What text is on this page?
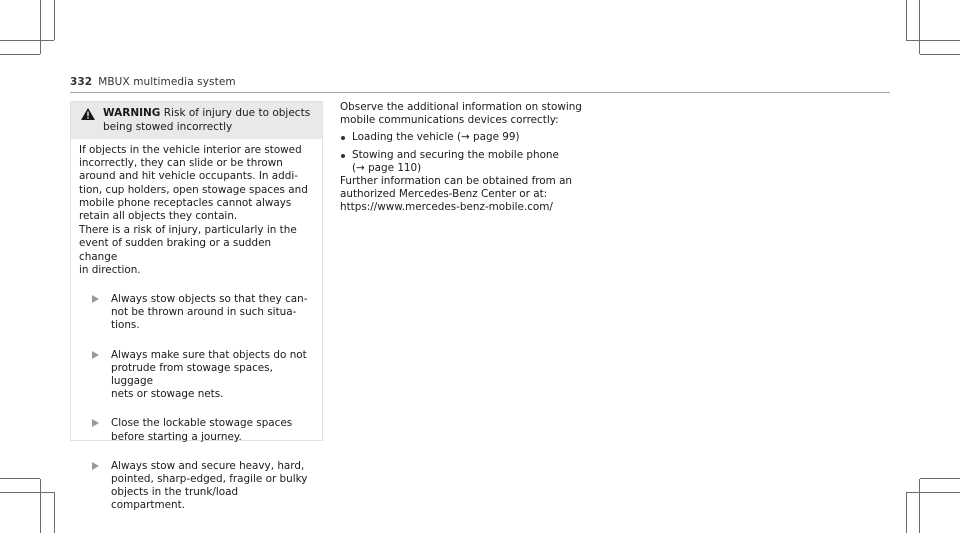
332 MBUX multimedia system
WARNING Risk of injury due to objects
being stowed incorrectly

If objects in the vehicle interior are stowed
incorrectly, they can slide or be thrown
around and hit vehicle occupants. In addi-
tion, cup holders, open stowage spaces and
mobile phone receptacles cannot always
retain all objects they contain.

There is a risk of injury, particularly in the
event of sudden braking or a sudden change
in direction.

Always stow objects so that they can-
not be thrown around in such situa-
tions.
Always make sure that objects do not
protrude from stowage spaces, luggage
nets or stowage nets.
Close the lockable stowage spaces
before starting a journey.
Always stow and secure heavy, hard,
pointed, sharp-edged, fragile or bulky
objects in the trunk/load compartment.

Observe the additional information on stowing
mobile communications devices correctly:

Loading the vehicle (→ page 99)
Stowing and securing the mobile phone
(→ page 110)

Further information can be obtained from an
authorized Mercedes-Benz Center or at:
https://www.mercedes-benz-mobile.com/
